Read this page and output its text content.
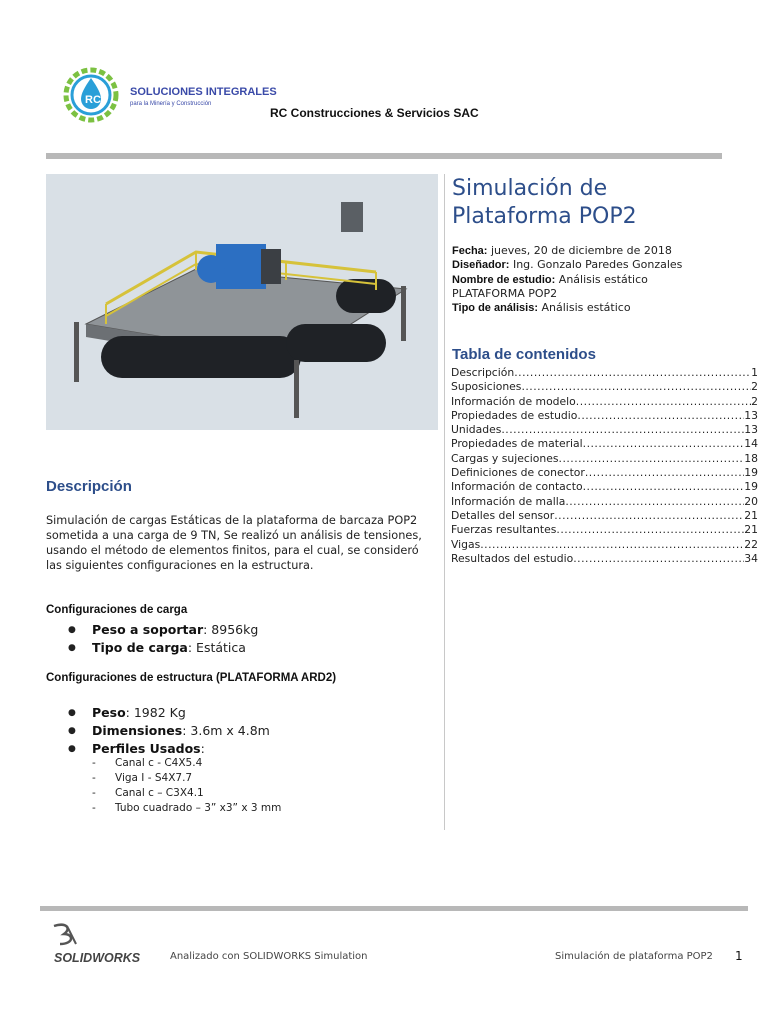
RC
SOLUCIONES INTEGRALES
para la Minería y Construcción
RC Construcciones & Servicios SAC
Simulación de
Plataforma POP2
Fecha: jueves, 20 de diciembre de 2018
Diseñador: Ing. Gonzalo Paredes Gonzales
Nombre de estudio: Análisis estático
PLATAFORMA POP2
Tipo de análisis: Análisis estático
Tabla de contenidos
Descripción .....	1
Suposiciones .....	2
Información de modelo .....	2
Propiedades de estudio .....	13
Unidades .....	13
Propiedades de material .....	14
Cargas y sujeciones .....	18
Definiciones de conector .....	19
Información de contacto .....	19
Información de malla .....	20
Detalles del sensor .....	21
Fuerzas resultantes .....	21
Vigas .....	22
Resultados del estudio .....	34
Descripción
Simulación de cargas Estáticas de la plataforma de barcaza POP2 sometida a una carga de 9 TN, Se realizó un análisis de tensiones, usando el método de elementos finitos, para el cual, se consideró las siguientes configuraciones en la estructura.
Configuraciones de carga
● Peso a soportar: 8956kg
● Tipo de carga: Estática
Configuraciones de estructura (PLATAFORMA ARD2)
● Peso: 1982 Kg
● Dimensiones: 3.6m x 4.8m
● Perfiles Usados:
- Canal c - C4X5.4
- Viga I - S4X7.7
- Canal c – C3X4.1
- Tubo cuadrado – 3” x3” x 3 mm
SOLIDWORKS	Analizado con SOLIDWORKS Simulation	Simulación de plataforma POP2 1
